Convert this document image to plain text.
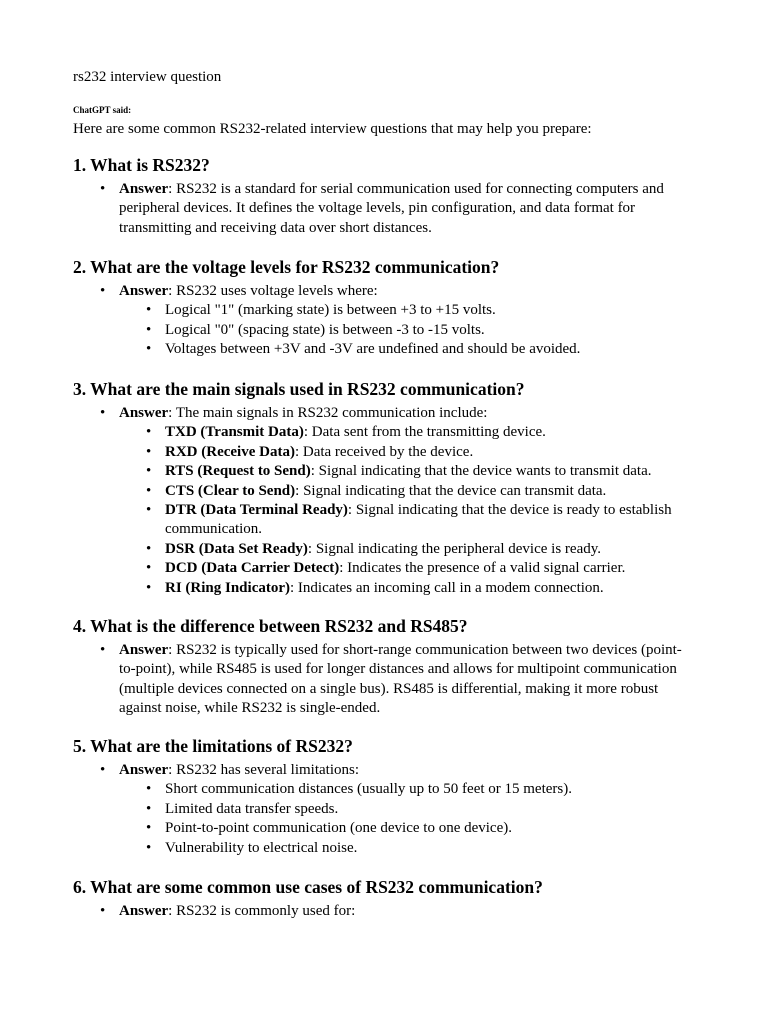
rs232 interview question

ChatGPT said:

Here are some common RS232-related interview questions that may help you prepare:

1. What is RS232?
• Answer: RS232 is a standard for serial communication used for connecting computers and peripheral devices. It defines the voltage levels, pin configuration, and data format for transmitting and receiving data over short distances.
2. What are the voltage levels for RS232 communication?
• Answer: RS232 uses voltage levels where:
• Logical "1" (marking state) is between +3 to +15 volts.
• Logical "0" (spacing state) is between -3 to -15 volts.
• Voltages between +3V and -3V are undefined and should be avoided.
3. What are the main signals used in RS232 communication?
• Answer: The main signals in RS232 communication include:
• TXD (Transmit Data): Data sent from the transmitting device.
• RXD (Receive Data): Data received by the device.
• RTS (Request to Send): Signal indicating that the device wants to transmit data.
• CTS (Clear to Send): Signal indicating that the device can transmit data.
• DTR (Data Terminal Ready): Signal indicating that the device is ready to establish communication.
• DSR (Data Set Ready): Signal indicating the peripheral device is ready.
• DCD (Data Carrier Detect): Indicates the presence of a valid signal carrier.
• RI (Ring Indicator): Indicates an incoming call in a modem connection.
4. What is the difference between RS232 and RS485?
• Answer: RS232 is typically used for short-range communication between two devices (point-to-point), while RS485 is used for longer distances and allows for multipoint communication (multiple devices connected on a single bus). RS485 is differential, making it more robust against noise, while RS232 is single-ended.
5. What are the limitations of RS232?
• Answer: RS232 has several limitations:
• Short communication distances (usually up to 50 feet or 15 meters).
• Limited data transfer speeds.
• Point-to-point communication (one device to one device).
• Vulnerability to electrical noise.
6. What are some common use cases of RS232 communication?
• Answer: RS232 is commonly used for:
